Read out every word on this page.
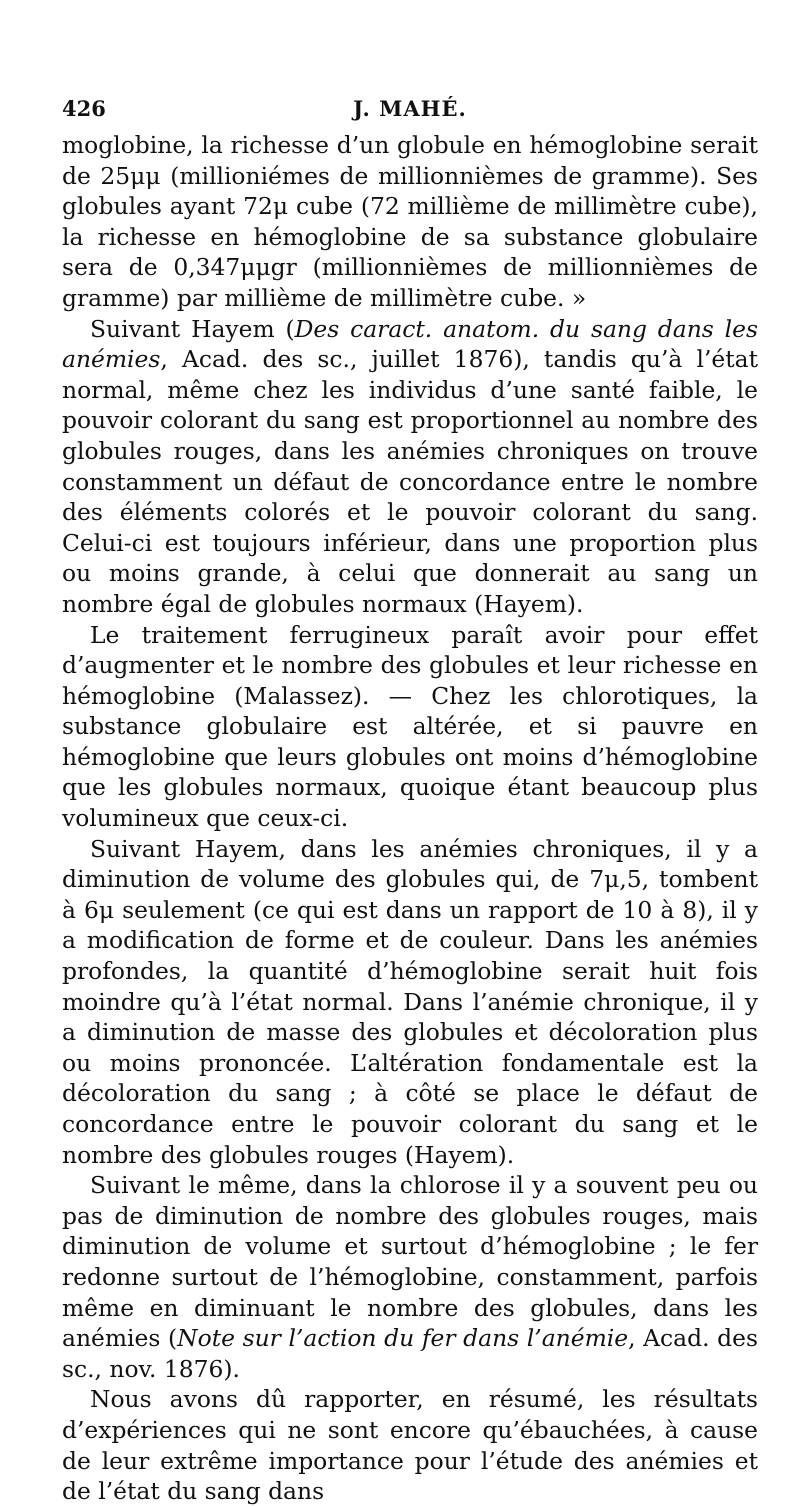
426	J. MAHÉ.

moglobine, la richesse d’un globule en hémoglobine serait de 25μμ (millioniémes de millionnièmes de gramme). Ses globules ayant 72μ cube (72 millième de millimètre cube), la richesse en hémoglobine de sa substance globulaire sera de 0,347μμgr (millionnièmes de millionnièmes de gramme) par millième de millimètre cube. »

Suivant Hayem (Des caract. anatom. du sang dans les anémies, Acad. des sc., juillet 1876), tandis qu’à l’état normal, même chez les individus d’une santé faible, le pouvoir colorant du sang est proportionnel au nombre des globules rouges, dans les anémies chroniques on trouve constamment un défaut de concordance entre le nombre des éléments colorés et le pouvoir colorant du sang. Celui-ci est toujours inférieur, dans une proportion plus ou moins grande, à celui que donnerait au sang un nombre égal de globules normaux (Hayem).

Le traitement ferrugineux paraît avoir pour effet d’augmenter et le nombre des globules et leur richesse en hémoglobine (Malassez). — Chez les chlorotiques, la substance globulaire est altérée, et si pauvre en hémoglobine que leurs globules ont moins d’hémoglobine que les globules normaux, quoique étant beaucoup plus volumineux que ceux-ci.

Suivant Hayem, dans les anémies chroniques, il y a diminution de volume des globules qui, de 7μ,5, tombent à 6μ seulement (ce qui est dans un rapport de 10 à 8), il y a modification de forme et de couleur. Dans les anémies profondes, la quantité d’hémoglobine serait huit fois moindre qu’à l’état normal. Dans l’anémie chronique, il y a diminution de masse des globules et décoloration plus ou moins prononcée. L’altération fondamentale est la décoloration du sang ; à côté se place le défaut de concordance entre le pouvoir colorant du sang et le nombre des globules rouges (Hayem).

Suivant le même, dans la chlorose il y a souvent peu ou pas de diminution de nombre des globules rouges, mais diminution de volume et surtout d’hémoglobine ; le fer redonne surtout de l’hémoglobine, constamment, parfois même en diminuant le nombre des globules, dans les anémies (Note sur l’action du fer dans l’anémie, Acad. des sc., nov. 1876).

Nous avons dû rapporter, en résumé, les résultats d’expériences qui ne sont encore qu’ébauchées, à cause de leur extrême importance pour l’étude des anémies et de l’état du sang dans
